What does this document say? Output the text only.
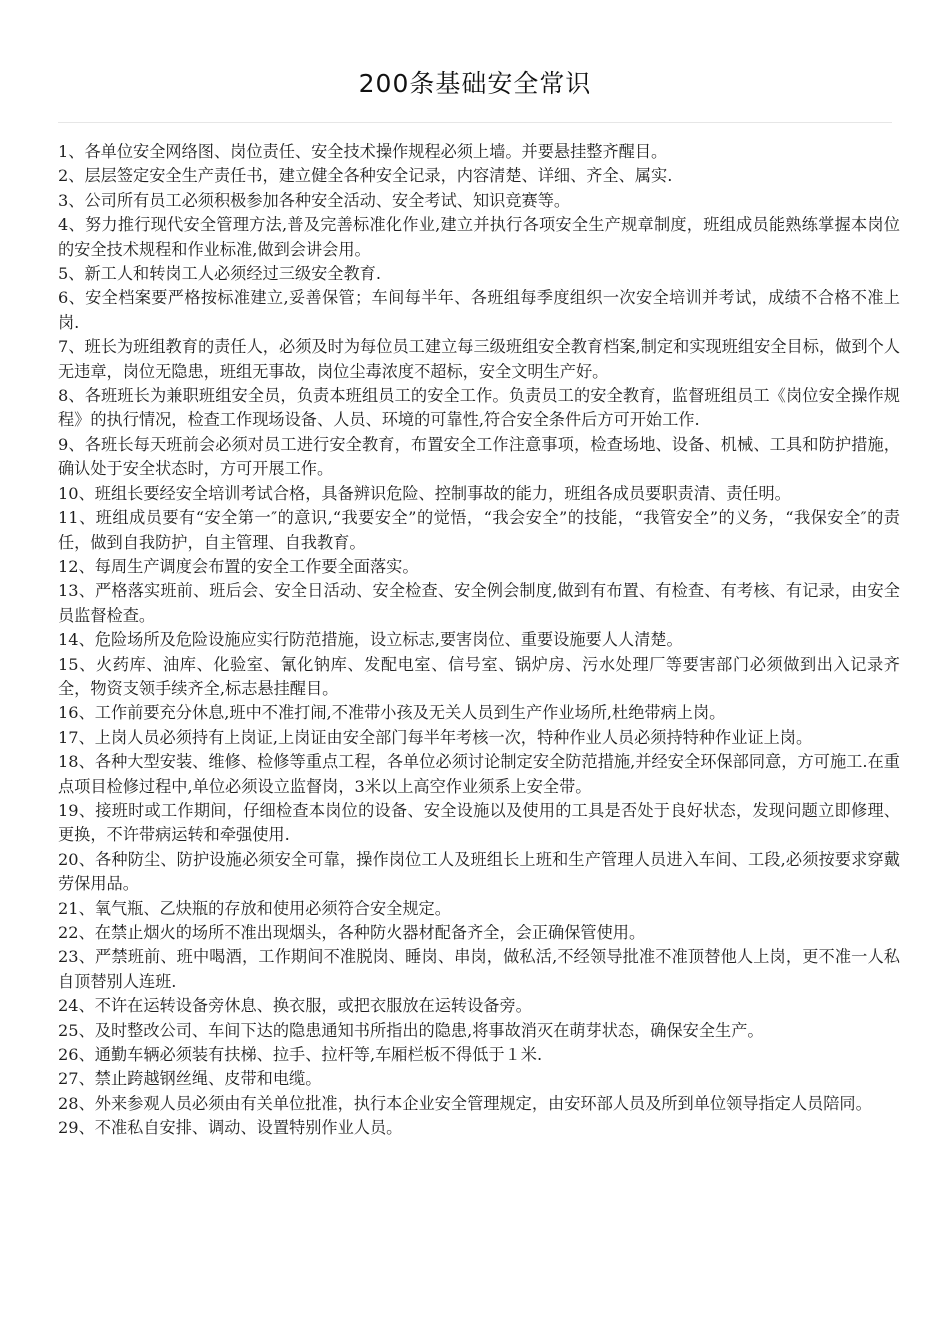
200条基础安全常识

1、各单位安全网络图、岗位责任、安全技术操作规程必须上墙。并要悬挂整齐醒目。

2、层层签定安全生产责任书，建立健全各种安全记录，内容清楚、详细、齐全、属实.

3、公司所有员工必须积极参加各种安全活动、安全考试、知识竞赛等。

4、努力推行现代安全管理方法,普及完善标准化作业,建立并执行各项安全生产规章制度，班组成员能熟练掌握本岗位的安全技术规程和作业标准,做到会讲会用。

5、新工人和转岗工人必须经过三级安全教育.

6、安全档案要严格按标准建立,妥善保管；车间每半年、各班组每季度组织一次安全培训并考试，成绩不合格不准上岗.

7、班长为班组教育的责任人，必须及时为每位员工建立每三级班组安全教育档案,制定和实现班组安全目标，做到个人无违章，岗位无隐患，班组无事故，岗位尘毒浓度不超标，安全文明生产好。

8、各班班长为兼职班组安全员，负责本班组员工的安全工作。负责员工的安全教育，监督班组员工《岗位安全操作规程》的执行情况，检查工作现场设备、人员、环境的可靠性,符合安全条件后方可开始工作.

9、各班长每天班前会必须对员工进行安全教育，布置安全工作注意事项，检查场地、设备、机械、工具和防护措施，确认处于安全状态时，方可开展工作。

10、班组长要经安全培训考试合格，具备辨识危险、控制事故的能力，班组各成员要职责清、责任明。

11、班组成员要有“安全第一″的意识,“我要安全”的觉悟，“我会安全”的技能，“我管安全”的义务，“我保安全″的责任，做到自我防护，自主管理、自我教育。

12、每周生产调度会布置的安全工作要全面落实。

13、严格落实班前、班后会、安全日活动、安全检查、安全例会制度,做到有布置、有检查、有考核、有记录，由安全员监督检查。

14、危险场所及危险设施应实行防范措施，设立标志,要害岗位、重要设施要人人清楚。

15、火药库、油库、化验室、氰化钠库、发配电室、信号室、锅炉房、污水处理厂等要害部门必须做到出入记录齐全，物资支领手续齐全,标志悬挂醒目。

16、工作前要充分休息,班中不准打闹,不准带小孩及无关人员到生产作业场所,杜绝带病上岗。

17、上岗人员必须持有上岗证,上岗证由安全部门每半年考核一次，特种作业人员必须持特种作业证上岗。

18、各种大型安装、维修、检修等重点工程，各单位必须讨论制定安全防范措施,并经安全环保部同意，方可施工.在重点项目检修过程中,单位必须设立监督岗，3米以上高空作业须系上安全带。

19、接班时或工作期间，仔细检查本岗位的设备、安全设施以及使用的工具是否处于良好状态，发现问题立即修理、更换，不许带病运转和牵强使用.

20、各种防尘、防护设施必须安全可靠，操作岗位工人及班组长上班和生产管理人员进入车间、工段,必须按要求穿戴劳保用品。

21、氧气瓶、乙炔瓶的存放和使用必须符合安全规定。

22、在禁止烟火的场所不准出现烟头，各种防火器材配备齐全，会正确保管使用。

23、严禁班前、班中喝酒，工作期间不准脱岗、睡岗、串岗，做私活,不经领导批准不准顶替他人上岗，更不准一人私自顶替别人连班.

24、不许在运转设备旁休息、换衣服，或把衣服放在运转设备旁。

25、及时整改公司、车间下达的隐患通知书所指出的隐患,将事故消灭在萌芽状态，确保安全生产。

26、通勤车辆必须装有扶梯、拉手、拉杆等,车厢栏板不得低于１米.

27、禁止跨越钢丝绳、皮带和电缆。

28、外来参观人员必须由有关单位批准，执行本企业安全管理规定，由安环部人员及所到单位领导指定人员陪同。

29、不准私自安排、调动、设置特别作业人员。
